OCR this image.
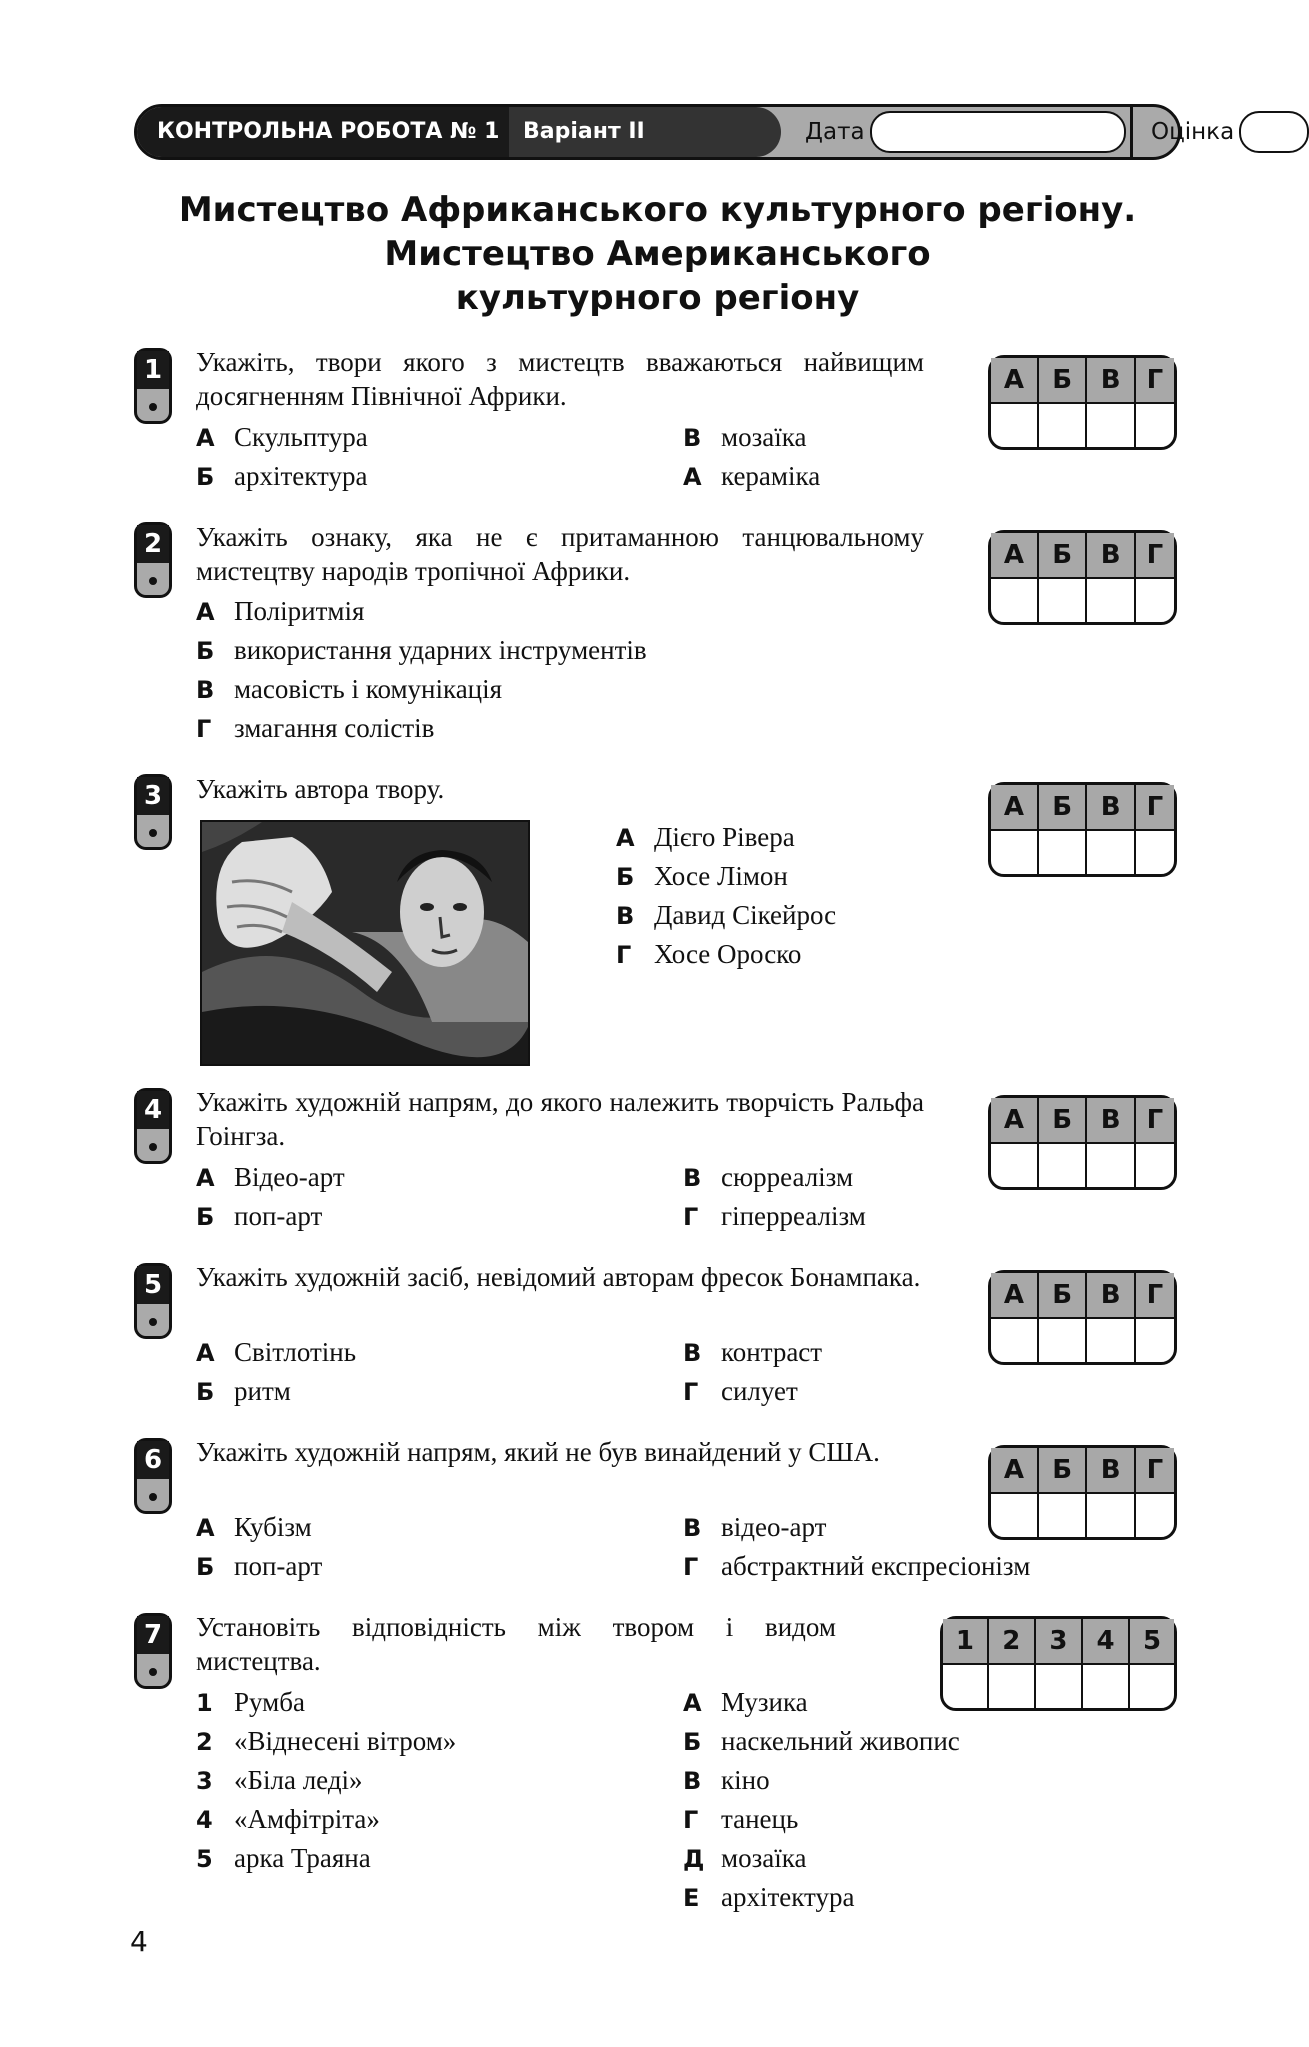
КОНТРОЛЬНА РОБОТА № 1	Варіант II	Дата	Оцінка
Мистецтво Африканського культурного регіону.
Мистецтво Американського
культурного регіону
1 Укажіть, твори якого з мистецтв вважаються найвищим досягненням Північної Африки.
А Скульптура
Б архітектура
В мозаїка
А кераміка
А	Б	В	Г

2 Укажіть ознаку, яка не є притаманною танцювальному мистецтву народів тропічної Африки.
А Поліритмія
Б використання ударних інструментів
В масовість і комунікація
Г змагання солістів
А	Б	В	Г

3 Укажіть автора твору.
А Дієго Рівера
Б Хосе Лімон
В Давид Сікейрос
Г Хосе Ороско
А	Б	В	Г

4 Укажіть художній напрям, до якого належить творчість Ральфа Гоінгза.
А Відео-арт
Б поп-арт
В сюрреалізм
Г гіперреалізм
А	Б	В	Г

5 Укажіть художній засіб, невідомий авторам фресок Бонампака.
А Світлотінь
Б ритм
В контраст
Г силует
А	Б	В	Г

6 Укажіть художній напрям, який не був винайдений у США.
А Кубізм
Б поп-арт
В відео-арт
Г абстрактний експресіонізм
А	Б	В	Г

7 Установіть відповідність між твором і видом мистецтва.
1 Румба
2 «Віднесені вітром»
3 «Біла леді»
4 «Амфітріта»
5 арка Траяна
А Музика
Б наскельний живопис
В кіно
Г танець
Д мозаїка
Е архітектура
1	2	3	4	5

4
